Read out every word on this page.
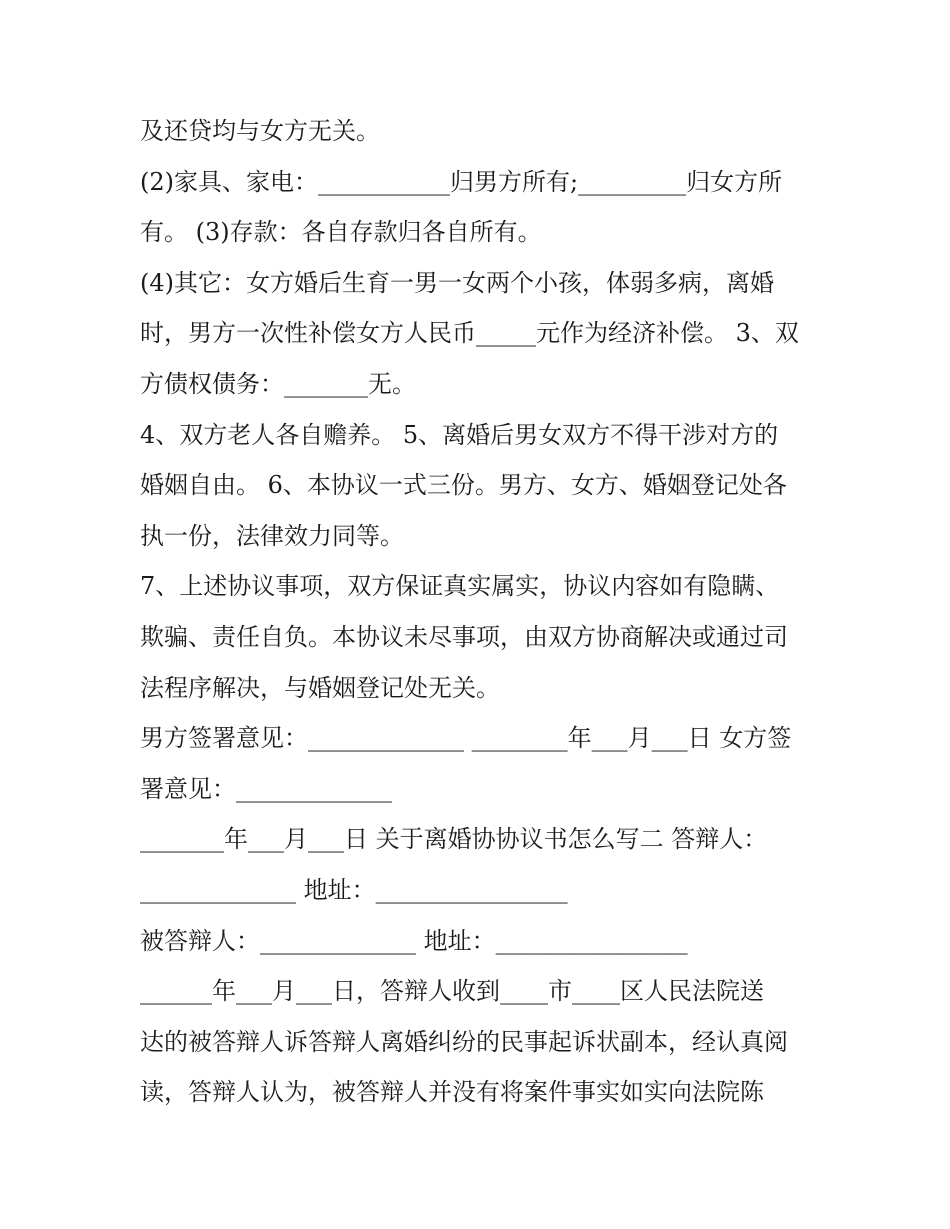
及还贷均与女方无关。
(2)家具、家电：___________归男方所有;_________归女方所
有。 (3)存款：各自存款归各自所有。
(4)其它：女方婚后生育一男一女两个小孩，体弱多病，离婚
时，男方一次性补偿女方人民币_____元作为经济补偿。 3、双
方债权债务：_______无。
4、双方老人各自赡养。 5、离婚后男女双方不得干涉对方的
婚姻自由。 6、本协议一式三份。男方、女方、婚姻登记处各
执一份，法律效力同等。
7、上述协议事项，双方保证真实属实，协议内容如有隐瞒、
欺骗、责任自负。本协议未尽事项，由双方协商解决或通过司
法程序解决，与婚姻登记处无关。
男方签署意见：_____________ ________年___月___日 女方签
署意见：_____________
_______年___月___日 关于离婚协协议书怎么写二 答辩人：
_____________ 地址：________________
被答辩人：_____________ 地址：________________
______年___月___日，答辩人收到____市____区人民法院送
达的被答辩人诉答辩人离婚纠纷的民事起诉状副本，经认真阅
读，答辩人认为，被答辩人并没有将案件事实如实向法院陈
